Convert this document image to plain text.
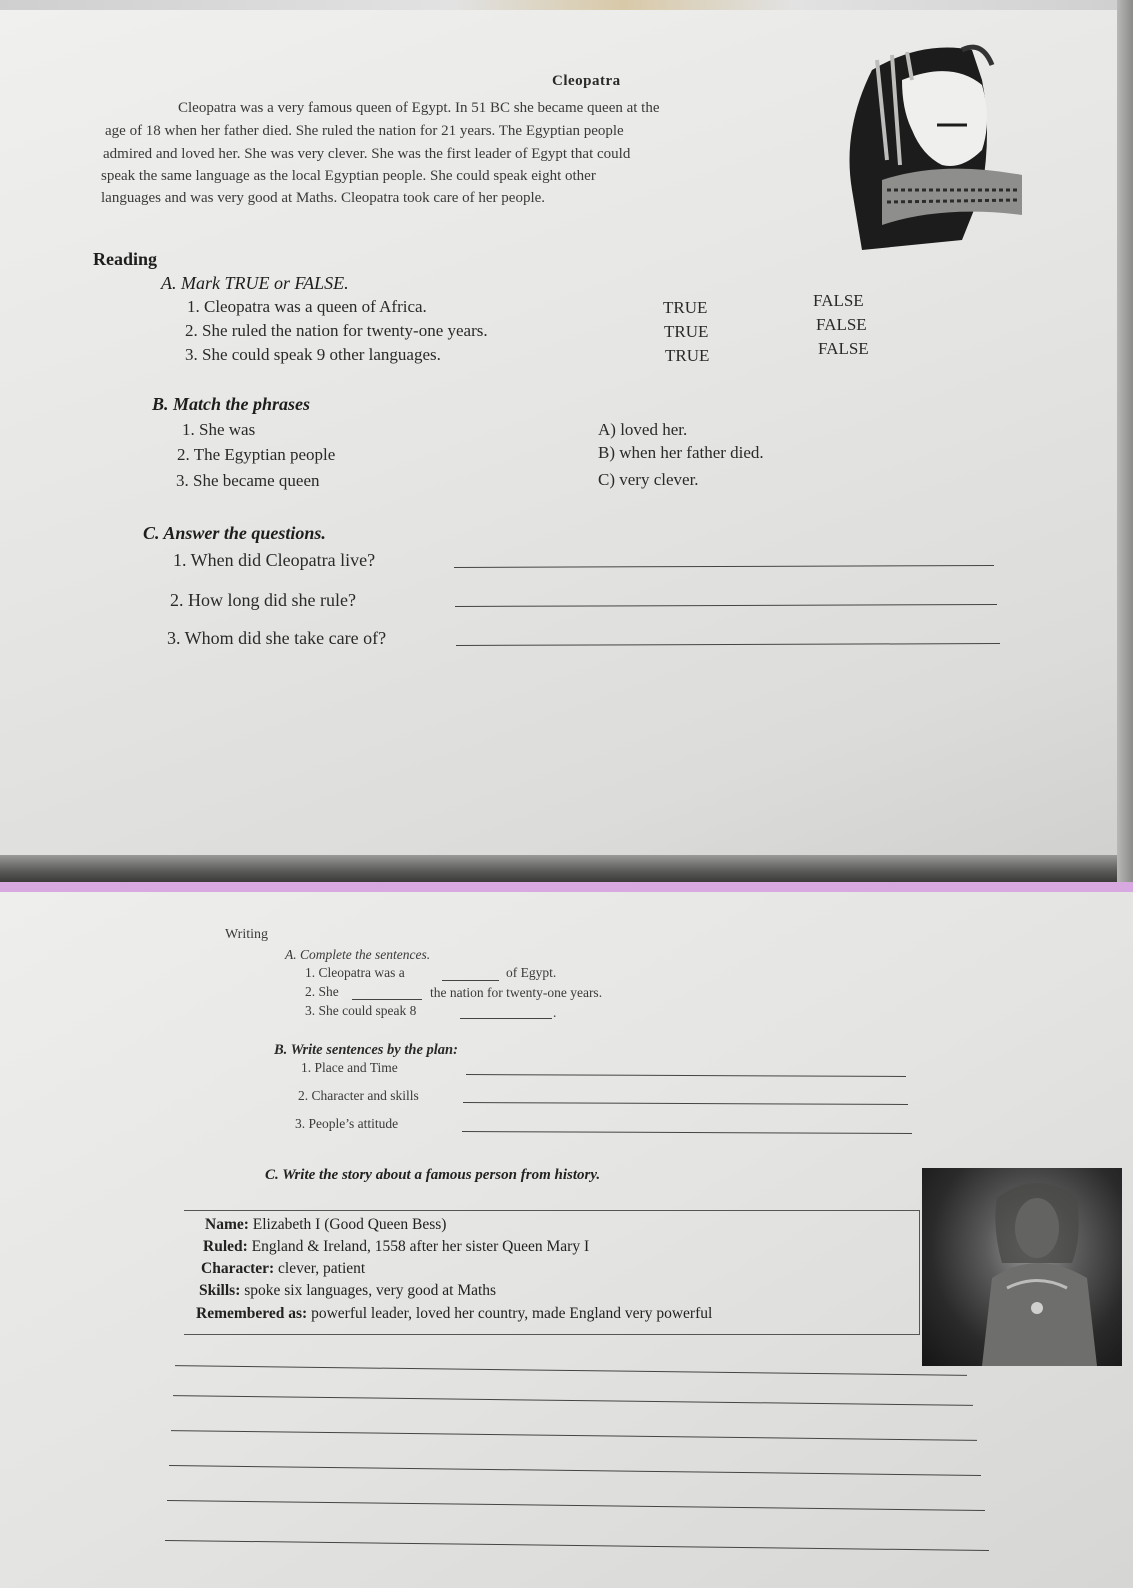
Cleopatra
Cleopatra was a very famous queen of Egypt. In 51 BC she became queen at the
age of 18 when her father died. She ruled the nation for 21 years. The Egyptian people
admired and loved her. She was very clever. She was the first leader of Egypt that could
speak the same language as the local Egyptian people. She could speak eight other
languages and was very good at Maths. Cleopatra took care of her people.
Reading
A. Mark TRUE or FALSE.
1. Cleopatra was a queen of Africa.	TRUE	FALSE
2. She ruled the nation for twenty-one years.	TRUE	FALSE
3. She could speak 9 other languages.	TRUE	FALSE
B. Match the phrases
1. She was
2. The Egyptian people
3. She became queen
A) loved her.
B) when her father died.
C) very clever.
C. Answer the questions.
1. When did Cleopatra live?
2. How long did she rule?
3. Whom did she take care of?
Writing
A. Complete the sentences.
1. Cleopatra was a	of Egypt.
2. She	the nation for twenty-one years.
3. She could speak 8	.
B. Write sentences by the plan:
1. Place and Time
2. Character and skills
3. People’s attitude
C. Write the story about a famous person from history.
Name: Elizabeth I (Good Queen Bess)
Ruled: England & Ireland, 1558 after her sister Queen Mary I
Character: clever, patient
Skills: spoke six languages, very good at Maths
Remembered as: powerful leader, loved her country, made England very powerful
